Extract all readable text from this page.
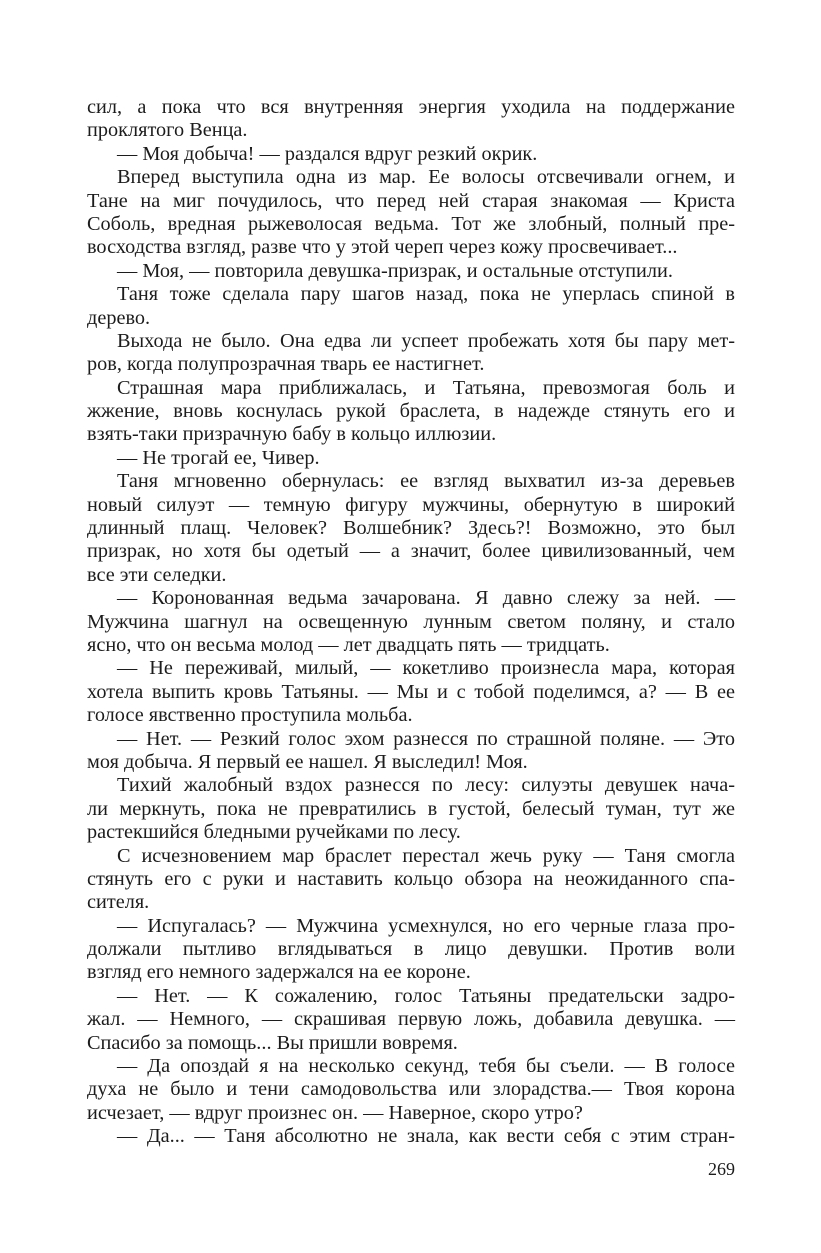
сил, а пока что вся внутренняя энергия уходила на поддержание
проклятого Венца.
— Моя добыча! — раздался вдруг резкий окрик.
Вперед выступила одна из мар. Ее волосы отсвечивали огнем, и
Тане на миг почудилось, что перед ней старая знакомая — Криста
Соболь, вредная рыжеволосая ведьма. Тот же злобный, полный пре-
восходства взгляд, разве что у этой череп через кожу просвечивает...
— Моя, — повторила девушка-призрак, и остальные отступили.
Таня тоже сделала пару шагов назад, пока не уперлась спиной в
дерево.
Выхода не было. Она едва ли успеет пробежать хотя бы пару мет-
ров, когда полупрозрачная тварь ее настигнет.
Страшная мара приближалась, и Татьяна, превозмогая боль и
жжение, вновь коснулась рукой браслета, в надежде стянуть его и
взять-таки призрачную бабу в кольцо иллюзии.
— Не трогай ее, Чивер.
Таня мгновенно обернулась: ее взгляд выхватил из-за деревьев
новый силуэт — темную фигуру мужчины, обернутую в широкий
длинный плащ. Человек? Волшебник? Здесь?! Возможно, это был
призрак, но хотя бы одетый — а значит, более цивилизованный, чем
все эти селедки.
— Коронованная ведьма зачарована. Я давно слежу за ней. —
Мужчина шагнул на освещенную лунным светом поляну, и стало
ясно, что он весьма молод — лет двадцать пять — тридцать.
— Не переживай, милый, — кокетливо произнесла мара, которая
хотела выпить кровь Татьяны. — Мы и с тобой поделимся, а? — В ее
голосе явственно проступила мольба.
— Нет. — Резкий голос эхом разнесся по страшной поляне. — Это
моя добыча. Я первый ее нашел. Я выследил! Моя.
Тихий жалобный вздох разнесся по лесу: силуэты девушек нача-
ли меркнуть, пока не превратились в густой, белесый туман, тут же
растекшийся бледными ручейками по лесу.
С исчезновением мар браслет перестал жечь руку — Таня смогла
стянуть его с руки и наставить кольцо обзора на неожиданного спа-
сителя.
— Испугалась? — Мужчина усмехнулся, но его черные глаза про-
должали пытливо вглядываться в лицо девушки. Против воли
взгляд его немного задержался на ее короне.
— Нет. — К сожалению, голос Татьяны предательски задро-
жал. — Немного, — скрашивая первую ложь, добавила девушка. —
Спасибо за помощь... Вы пришли вовремя.
— Да опоздай я на несколько секунд, тебя бы съели. — В голосе
духа не было и тени самодовольства или злорадства.— Твоя корона
исчезает, — вдруг произнес он. — Наверное, скоро утро?
— Да... — Таня абсолютно не знала, как вести себя с этим стран-
269
